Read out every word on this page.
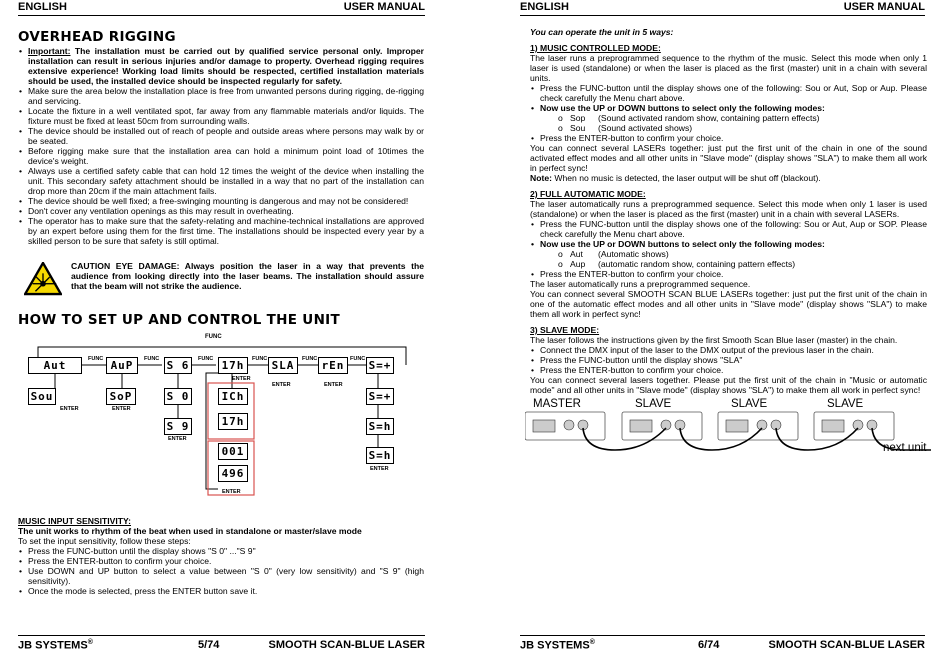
ENGLISH	USER MANUAL
OVERHEAD RIGGING
• Important: The installation must be carried out by qualified service personal only. Improper installation can result in serious injuries and/or damage to property. Overhead rigging requires extensive experience! Working load limits should be respected, certified installation materials should be used, the installed device should be inspected regularly for safety.
• Make sure the area below the installation place is free from unwanted persons during rigging, de-rigging and servicing.
• Locate the fixture in a well ventilated spot, far away from any flammable materials and/or liquids. The fixture must be fixed at least 50cm from surrounding walls.
• The device should be installed out of reach of people and outside areas where persons may walk by or be seated.
• Before rigging make sure that the installation area can hold a minimum point load of 10times the device's weight.
• Always use a certified safety cable that can hold 12 times the weight of the device when installing the unit. This secondary safety attachment should be installed in a way that no part of the installation can drop more than 20cm if the main attachment fails.
• The device should be well fixed; a free-swinging mounting is dangerous and may not be considered!
• Don't cover any ventilation openings as this may result in overheating.
• The operator has to make sure that the safety-relating and machine-technical installations are approved by an expert before using them for the first time. The installations should be inspected every year by a skilled person to be sure that safety is still optimal.
CAUTION EYE DAMAGE: Always position the laser in a way that prevents the audience from looking directly into the laser beams. The installation should assure that the beam will not strike the audience.
HOW TO SET UP AND CONTROL THE UNIT
FUNC
FUNC	FUNC	FUNC	FUNC	FUNC	FUNC
Aut	AuP	S 6	17h	SLA	rEn	S=+
Sou	SoP	S 0	ICh	S=+
S 9	17h	S=h
001	S=h
496
ENTER	ENTER
ENTER
ENTER
ENTER	ENTER
ENTER
ENTER
MUSIC INPUT SENSITIVITY:
The unit works to rhythm of the beat when used in standalone or master/slave mode
To set the input sensitivity, follow these steps:
• Press the FUNC-button until the display shows "S 0" ..."S 9"
• Press the ENTER-button to confirm your choice.
• Use DOWN and UP button to select a value between "S 0" (very low sensitivity) and "S 9" (high sensitivity).
• Once the mode is selected, press the ENTER button save it.
JB SYSTEMS®	5/74	SMOOTH SCAN-BLUE LASER
ENGLISH	USER MANUAL
You can operate the unit in 5 ways:
1) MUSIC CONTROLLED MODE:
The laser runs a preprogrammed sequence to the rhythm of the music. Select this mode when only 1 laser is used (standalone) or when the laser is placed as the first (master) unit in a chain with several units.
• Press the FUNC-button until the display shows one of the following: Sou or Aut, Sop or Aup. Please check carefully the Menu chart above.
• Now use the UP or DOWN buttons to select only the following modes:
o Sop (Sound activated random show, containing pattern effects)
o Sou (Sound activated shows)
• Press the ENTER-button to confirm your choice.
You can connect several LASERs together: just put the first unit of the chain in one of the sound activated effect modes and all other units in "Slave mode" (display shows "SLA") to make them all work in perfect sync!
Note: When no music is detected, the laser output will be shut off (blackout).
2) FULL AUTOMATIC MODE:
The laser automatically runs a preprogrammed sequence. Select this mode when only 1 laser is used (standalone) or when the laser is placed as the first (master) unit in a chain with several LASERs.
• Press the FUNC-button until the display shows one of the following: Sou or Aut, Aup or SOP. Please check carefully the Menu chart above.
• Now use the UP or DOWN buttons to select only the following modes:
o Aut (Automatic shows)
o Aup (automatic random show, containing pattern effects)
• Press the ENTER-button to confirm your choice.
The laser automatically runs a preprogrammed sequence.
You can connect several SMOOTH SCAN BLUE LASERs together: just put the first unit of the chain in one of the automatic effect modes and all other units in "Slave mode" (display shows "SLA") to make them all work in perfect sync!
3) SLAVE MODE:
The laser follows the instructions given by the first Smooth Scan Blue laser (master) in the chain.
• Connect the DMX input of the laser to the DMX output of the previous laser in the chain.
• Press the FUNC-button until the display shows "SLA"
• Press the ENTER-button to confirm your choice.
You can connect several lasers together. Please put the first unit of the chain in "Music or automatic mode" and all other units in "Slave mode" (display shows "SLA") to make them all work in perfect sync!
JB SYSTEMS®	6/74	SMOOTH SCAN-BLUE LASER
MASTER	SLAVE	SLAVE	SLAVE
next unit
